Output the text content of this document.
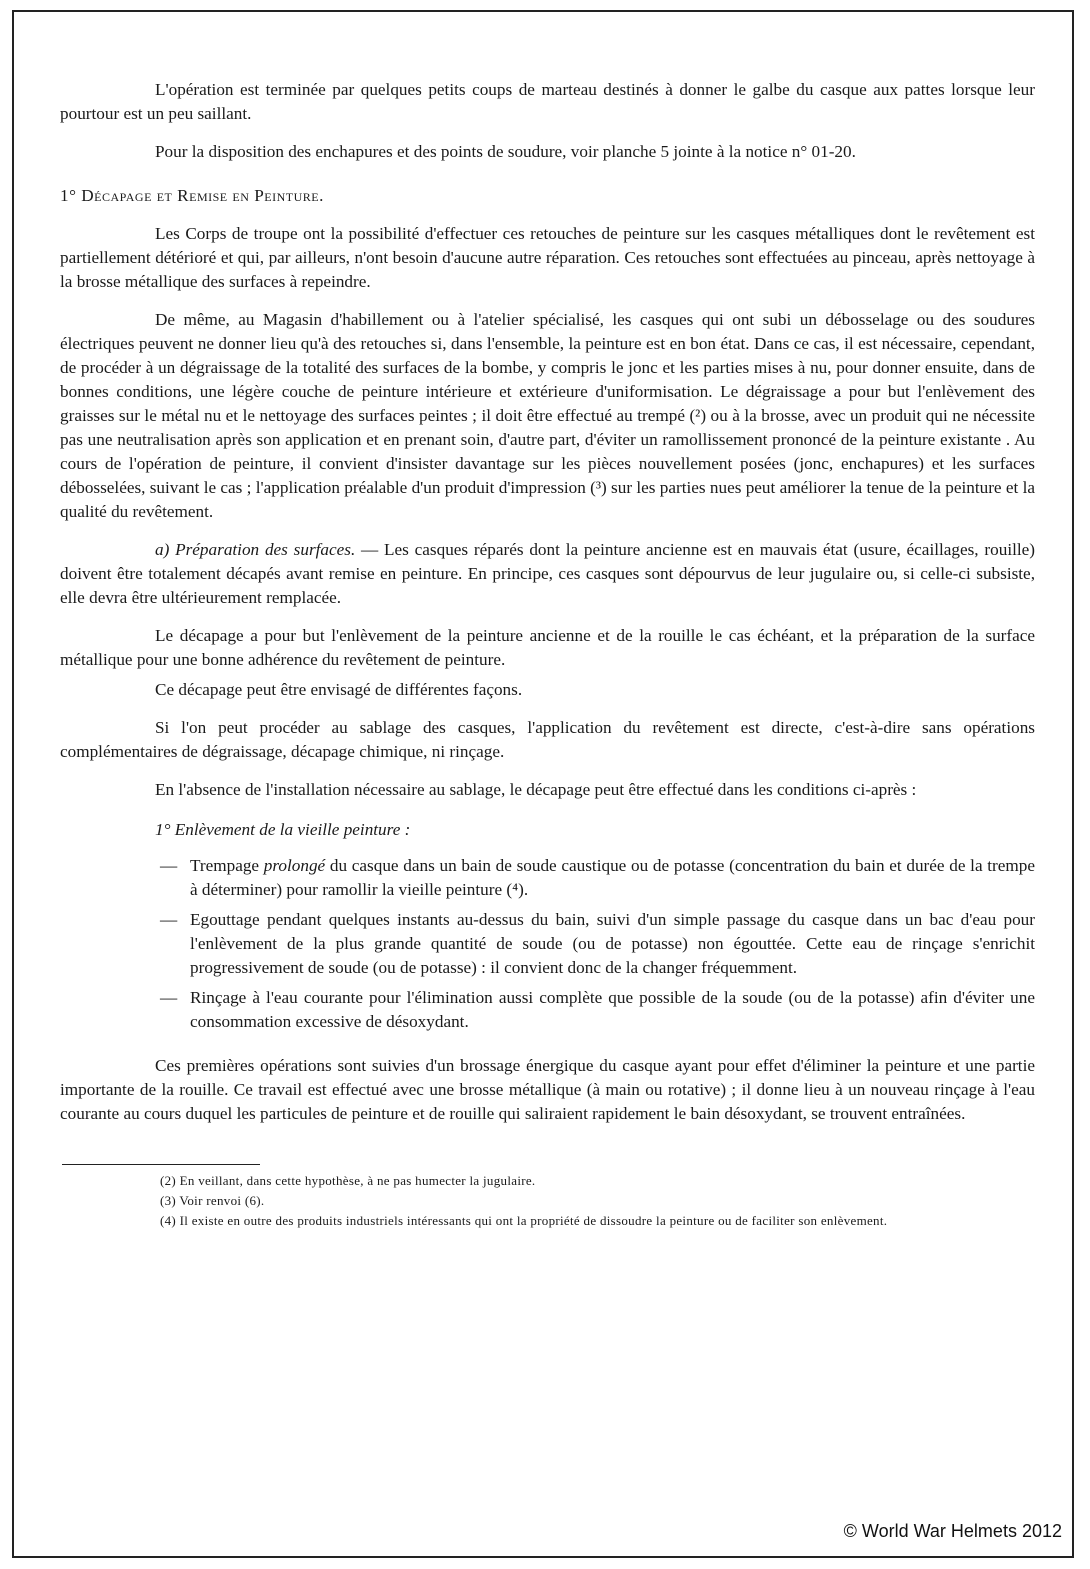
L'opération est terminée par quelques petits coups de marteau destinés à donner le galbe du casque aux pattes lorsque leur pourtour est un peu saillant.

Pour la disposition des enchapures et des points de soudure, voir planche 5 jointe à la notice n° 01-20.

1° Décapage et Remise en Peinture.

Les Corps de troupe ont la possibilité d'effectuer ces retouches de peinture sur les casques métalliques dont le revêtement est partiellement détérioré et qui, par ailleurs, n'ont besoin d'aucune autre réparation. Ces retouches sont effectuées au pinceau, après nettoyage à la brosse métallique des surfaces à repeindre.

De même, au Magasin d'habillement ou à l'atelier spécialisé, les casques qui ont subi un débosselage ou des soudures électriques peuvent ne donner lieu qu'à des retouches si, dans l'ensemble, la peinture est en bon état. Dans ce cas, il est nécessaire, cependant, de procéder à un dégraissage de la totalité des surfaces de la bombe, y compris le jonc et les parties mises à nu, pour donner ensuite, dans de bonnes conditions, une légère couche de peinture intérieure et extérieure d'uniformisation. Le dégraissage a pour but l'enlèvement des graisses sur le métal nu et le nettoyage des surfaces peintes ; il doit être effectué au trempé (²) ou à la brosse, avec un produit qui ne nécessite pas une neutralisation après son application et en prenant soin, d'autre part, d'éviter un ramollissement prononcé de la peinture existante . Au cours de l'opération de peinture, il convient d'insister davantage sur les pièces nouvellement posées (jonc, enchapures) et les surfaces débosselées, suivant le cas ; l'application préalable d'un produit d'impression (³) sur les parties nues peut améliorer la tenue de la peinture et la qualité du revêtement.

a) Préparation des surfaces. — Les casques réparés dont la peinture ancienne est en mauvais état (usure, écaillages, rouille) doivent être totalement décapés avant remise en peinture. En principe, ces casques sont dépourvus de leur jugulaire ou, si celle-ci subsiste, elle devra être ultérieurement remplacée.

Le décapage a pour but l'enlèvement de la peinture ancienne et de la rouille le cas échéant, et la préparation de la surface métallique pour une bonne adhérence du revêtement de peinture.

Ce décapage peut être envisagé de différentes façons.

Si l'on peut procéder au sablage des casques, l'application du revêtement est directe, c'est-à-dire sans opérations complémentaires de dégraissage, décapage chimique, ni rinçage.

En l'absence de l'installation nécessaire au sablage, le décapage peut être effectué dans les conditions ci-après :

1° Enlèvement de la vieille peinture :

— Trempage prolongé du casque dans un bain de soude caustique ou de potasse (concentration du bain et durée de la trempe à déterminer) pour ramollir la vieille peinture (⁴).
— Egouttage pendant quelques instants au-dessus du bain, suivi d'un simple passage du casque dans un bac d'eau pour l'enlèvement de la plus grande quantité de soude (ou de potasse) non égouttée. Cette eau de rinçage s'enrichit progressivement de soude (ou de potasse) : il convient donc de la changer fréquemment.
— Rinçage à l'eau courante pour l'élimination aussi complète que possible de la soude (ou de la potasse) afin d'éviter une consommation excessive de désoxydant.

Ces premières opérations sont suivies d'un brossage énergique du casque ayant pour effet d'éliminer la peinture et une partie importante de la rouille. Ce travail est effectué avec une brosse métallique (à main ou rotative) ; il donne lieu à un nouveau rinçage à l'eau courante au cours duquel les particules de peinture et de rouille qui saliraient rapidement le bain désoxydant, se trouvent entraînées.

(2) En veillant, dans cette hypothèse, à ne pas humecter la jugulaire.

(3) Voir renvoi (6).

(4) Il existe en outre des produits industriels intéressants qui ont la propriété de dissoudre la peinture ou de faciliter son enlèvement.

© World War Helmets 2012
